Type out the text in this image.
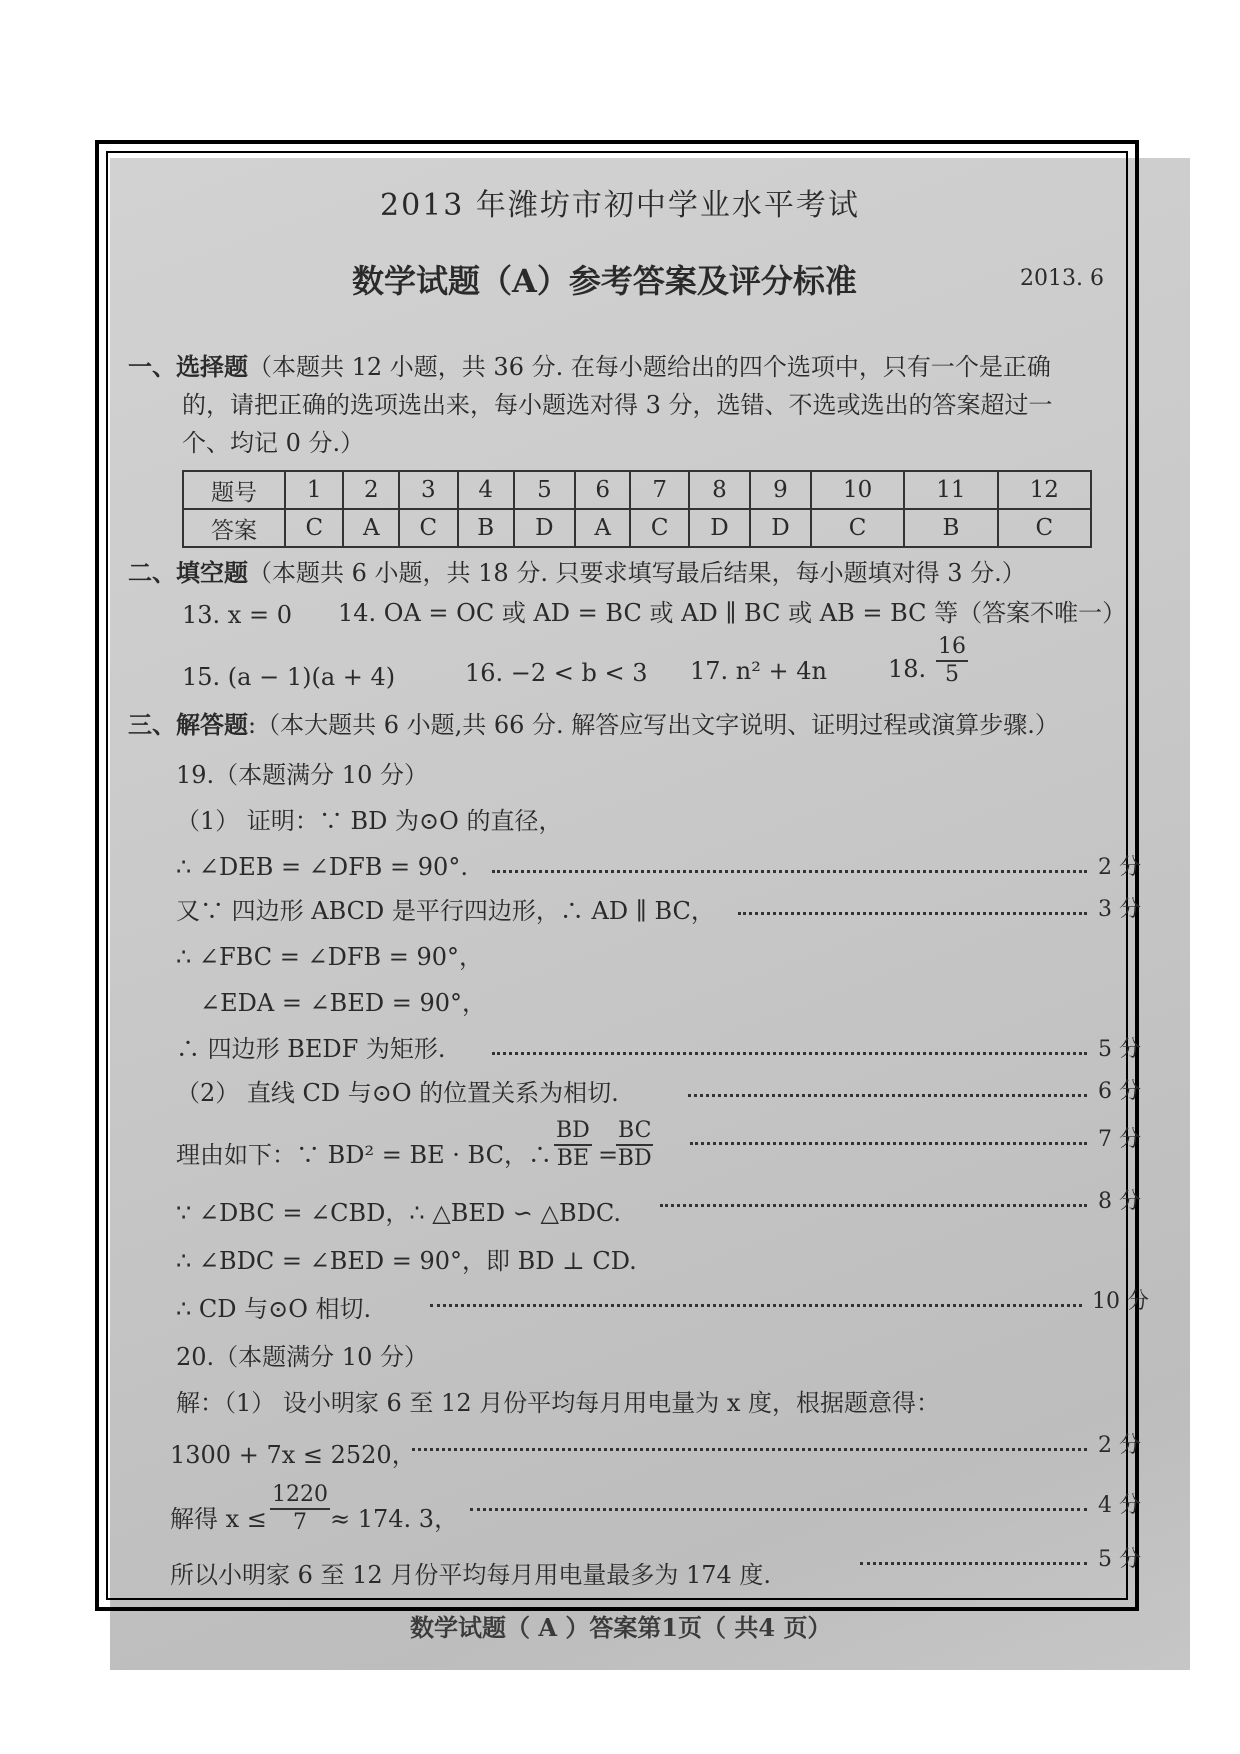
2013 年潍坊市初中学业水平考试
数学试题（A）参考答案及评分标准	2013. 6
一、选择题（本题共 12 小题，共 36 分. 在每小题给出的四个选项中，只有一个是正确
的，请把正确的选项选出来，每小题选对得 3 分，选错、不选或选出的答案超过一
个、均记 0 分.）
题号	1	2	3	4	5	6	7	8	9	10	11	12
答案	C	A	C	B	D	A	C	D	D	C	B	C
二、填空题（本题共 6 小题，共 18 分. 只要求填写最后结果，每小题填对得 3 分.）
13. x = 0 14. OA = OC 或 AD = BC 或 AD ∥ BC 或 AB = BC 等（答案不唯一）
15. (a − 1)(a + 4)	16. −2 < b < 3 17. n² + 4n	18. $\frac{16}{5}$
三、解答题:（本大题共 6 小题,共 66 分. 解答应写出文字说明、证明过程或演算步骤.）
19.（本题满分 10 分）
（1） 证明：∵ BD 为⊙O 的直径，
∴ ∠DEB = ∠DFB = 90°.	2 分
又∵ 四边形 ABCD 是平行四边形，∴ AD ∥ BC，	3 分
∴ ∠FBC = ∠DFB = 90°，
∠EDA = ∠BED = 90°，
∴ 四边形 BEDF 为矩形.	5 分
（2） 直线 CD 与⊙O 的位置关系为相切.	6 分
理由如下：∵ BD² = BE · BC，∴ $\frac{BD}{BE}$ =
$\frac{BC}{BD}$	7 分
∵ ∠DBC = ∠CBD，∴ △BED ∽ △BDC.	8 分
∴ ∠BDC = ∠BED = 90°，即 BD ⊥ CD.
∴ CD 与⊙O 相切.	10 分
20.（本题满分 10 分）
解：（1） 设小明家 6 至 12 月份平均每月用电量为 x 度，根据题意得：
1300 + 7x ≤ 2520，	2 分
解得 $x \le \frac{1220}{7} \approx 174$. 3，	4 分
所以小明家 6 至 12 月份平均每月用电量最多为 174 度.
5 分
数学试题（ A ）答案第1页（ 共4 页）
